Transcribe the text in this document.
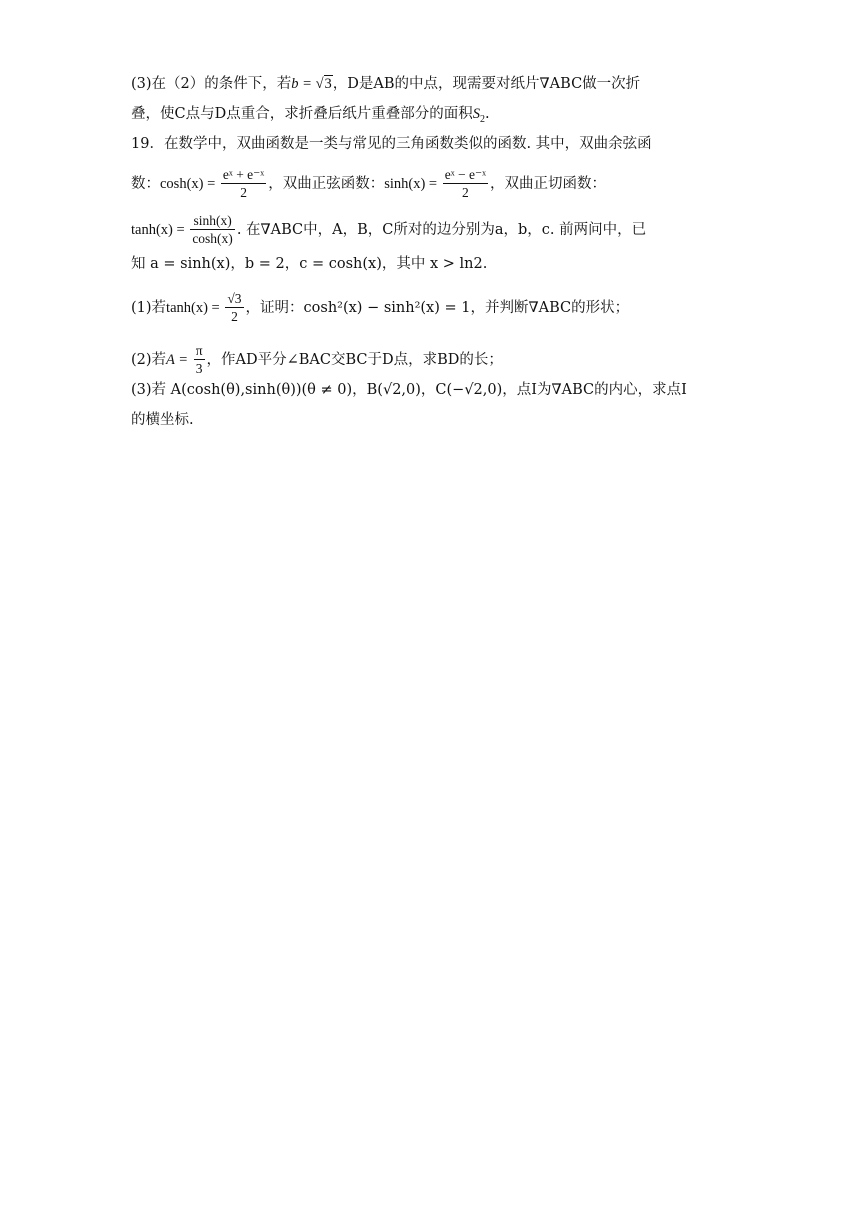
(3)在（2）的条件下，若b = √3，D是AB的中点，现需要对纸片∇ABC做一次折
叠，使C点与D点重合，求折叠后纸片重叠部分的面积$S_2$.
19．在数学中，双曲函数是一类与常见的三角函数类似的函数. 其中，双曲余弦函
数：$\cosh(x) = \frac{\text{eˣ + e⁻ˣ}}{2}$ ，双曲正弦函数：$\sinh(x) = \frac{\text{eˣ − e⁻ˣ}}{2}$ ，双曲正切函数：
$\tanh(x) = \frac{\sinh(x)}{\cosh(x)}$ . 在∇ABC中，A，B，C所对的边分别为a，b，c. 前两问中，已
知 a = sinh(x)，b = 2，c = cosh(x)，其中 x > ln2.
(1)若$\tanh(x) = \frac{√3}{2}$ ，证明：cosh²(x) − sinh²(x) = 1，并判断∇ABC的形状；
(2)若$A = \frac{\pi}{3}$ ，作AD平分∠BAC交BC于D点，求BD的长；
(3)若 A(cosh(θ),sinh(θ))(θ ≠ 0)，B(√2,0)，C(−√2,0)，点I为∇ABC的内心，求点I
的横坐标.
